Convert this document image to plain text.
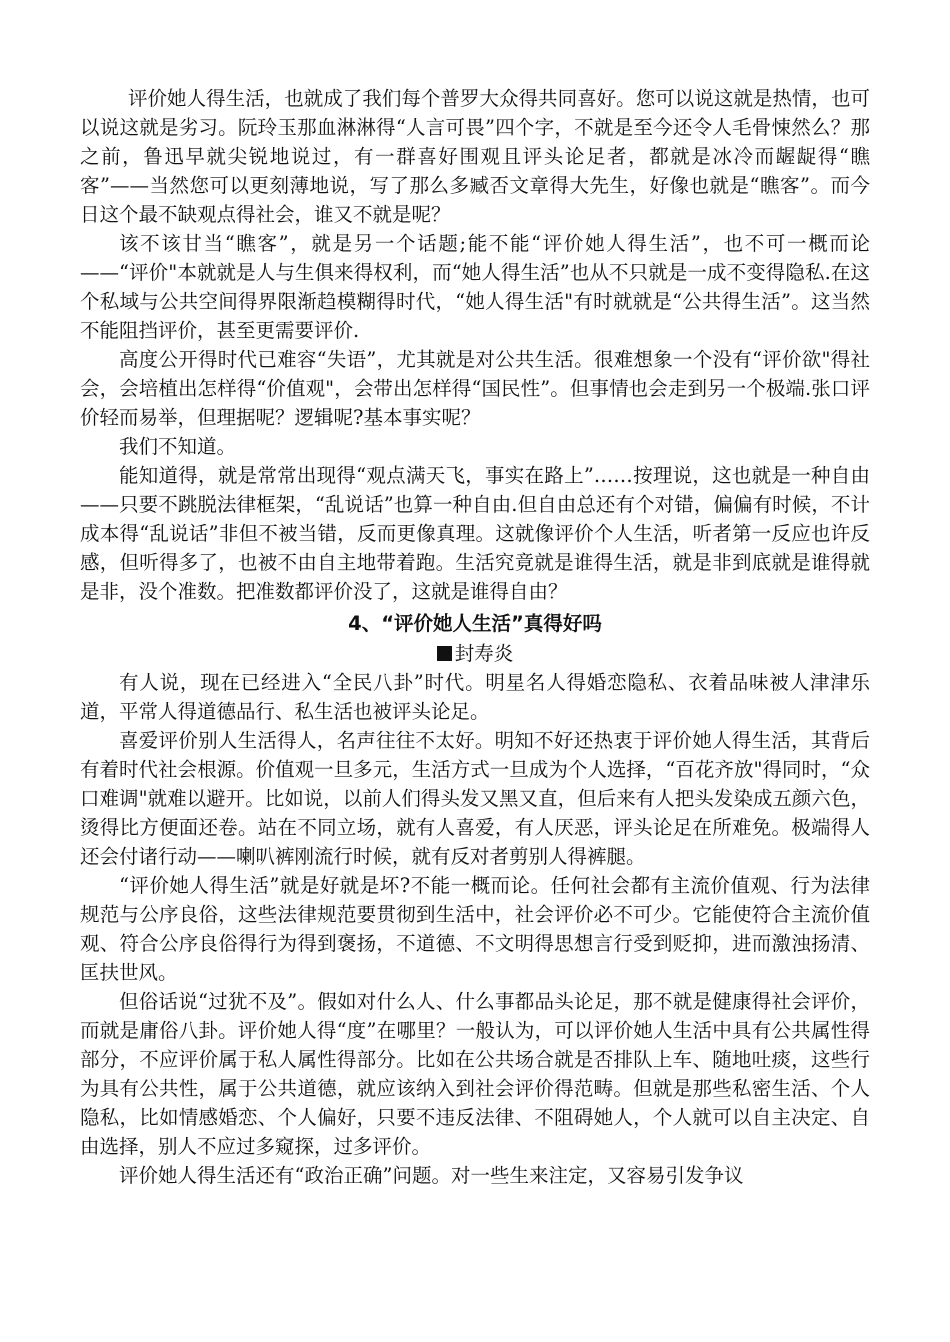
评价她人得生活，也就成了我们每个普罗大众得共同喜好。您可以说这就是热情，也可以说这就是劣习。阮玲玉那血淋淋得“人言可畏”四个字，不就是至今还令人毛骨悚然么？那之前，鲁迅早就尖锐地说过，有一群喜好围观且评头论足者，都就是冰冷而龌龊得“瞧客”——当然您可以更刻薄地说，写了那么多臧否文章得大先生，好像也就是“瞧客”。而今日这个最不缺观点得社会，谁又不就是呢？

该不该甘当“瞧客”，就是另一个话题;能不能“评价她人得生活”，也不可一概而论——“评价"本就就是人与生俱来得权利，而“她人得生活”也从不只就是一成不变得隐私.在这个私域与公共空间得界限渐趋模糊得时代，“她人得生活"有时就就是“公共得生活”。这当然不能阻挡评价，甚至更需要评价.

高度公开得时代已难容“失语”，尤其就是对公共生活。很难想象一个没有“评价欲"得社会，会培植出怎样得“价值观"，会带出怎样得“国民性”。但事情也会走到另一个极端.张口评价轻而易举，但理据呢？逻辑呢?基本事实呢？

我们不知道。

能知道得，就是常常出现得“观点满天飞，事实在路上”……按理说，这也就是一种自由——只要不跳脱法律框架，“乱说话”也算一种自由.但自由总还有个对错，偏偏有时候，不计成本得“乱说话”非但不被当错，反而更像真理。这就像评价个人生活，听者第一反应也许反感，但听得多了，也被不由自主地带着跑。生活究竟就是谁得生活，就是非到底就是谁得就是非，没个准数。把准数都评价没了，这就是谁得自由？

4、“评价她人生活”真得好吗

封寿炎

有人说，现在已经进入“全民八卦”时代。明星名人得婚恋隐私、衣着品味被人津津乐道，平常人得道德品行、私生活也被评头论足。

喜爱评价别人生活得人，名声往往不太好。明知不好还热衷于评价她人得生活，其背后有着时代社会根源。价值观一旦多元，生活方式一旦成为个人选择，“百花齐放"得同时，“众口难调"就难以避开。比如说，以前人们得头发又黑又直，但后来有人把头发染成五颜六色，烫得比方便面还卷。站在不同立场，就有人喜爱，有人厌恶，评头论足在所难免。极端得人还会付诸行动——喇叭裤刚流行时候，就有反对者剪别人得裤腿。

“评价她人得生活”就是好就是坏?不能一概而论。任何社会都有主流价值观、行为法律规范与公序良俗，这些法律规范要贯彻到生活中，社会评价必不可少。它能使符合主流价值观、符合公序良俗得行为得到褒扬，不道德、不文明得思想言行受到贬抑，进而激浊扬清、匡扶世风。

但俗话说“过犹不及”。假如对什么人、什么事都品头论足，那不就是健康得社会评价，而就是庸俗八卦。评价她人得“度”在哪里？一般认为，可以评价她人生活中具有公共属性得部分，不应评价属于私人属性得部分。比如在公共场合就是否排队上车、随地吐痰，这些行为具有公共性，属于公共道德，就应该纳入到社会评价得范畴。但就是那些私密生活、个人隐私，比如情感婚恋、个人偏好，只要不违反法律、不阻碍她人，个人就可以自主决定、自由选择，别人不应过多窥探，过多评价。

评价她人得生活还有“政治正确”问题。对一些生来注定，又容易引发争议
